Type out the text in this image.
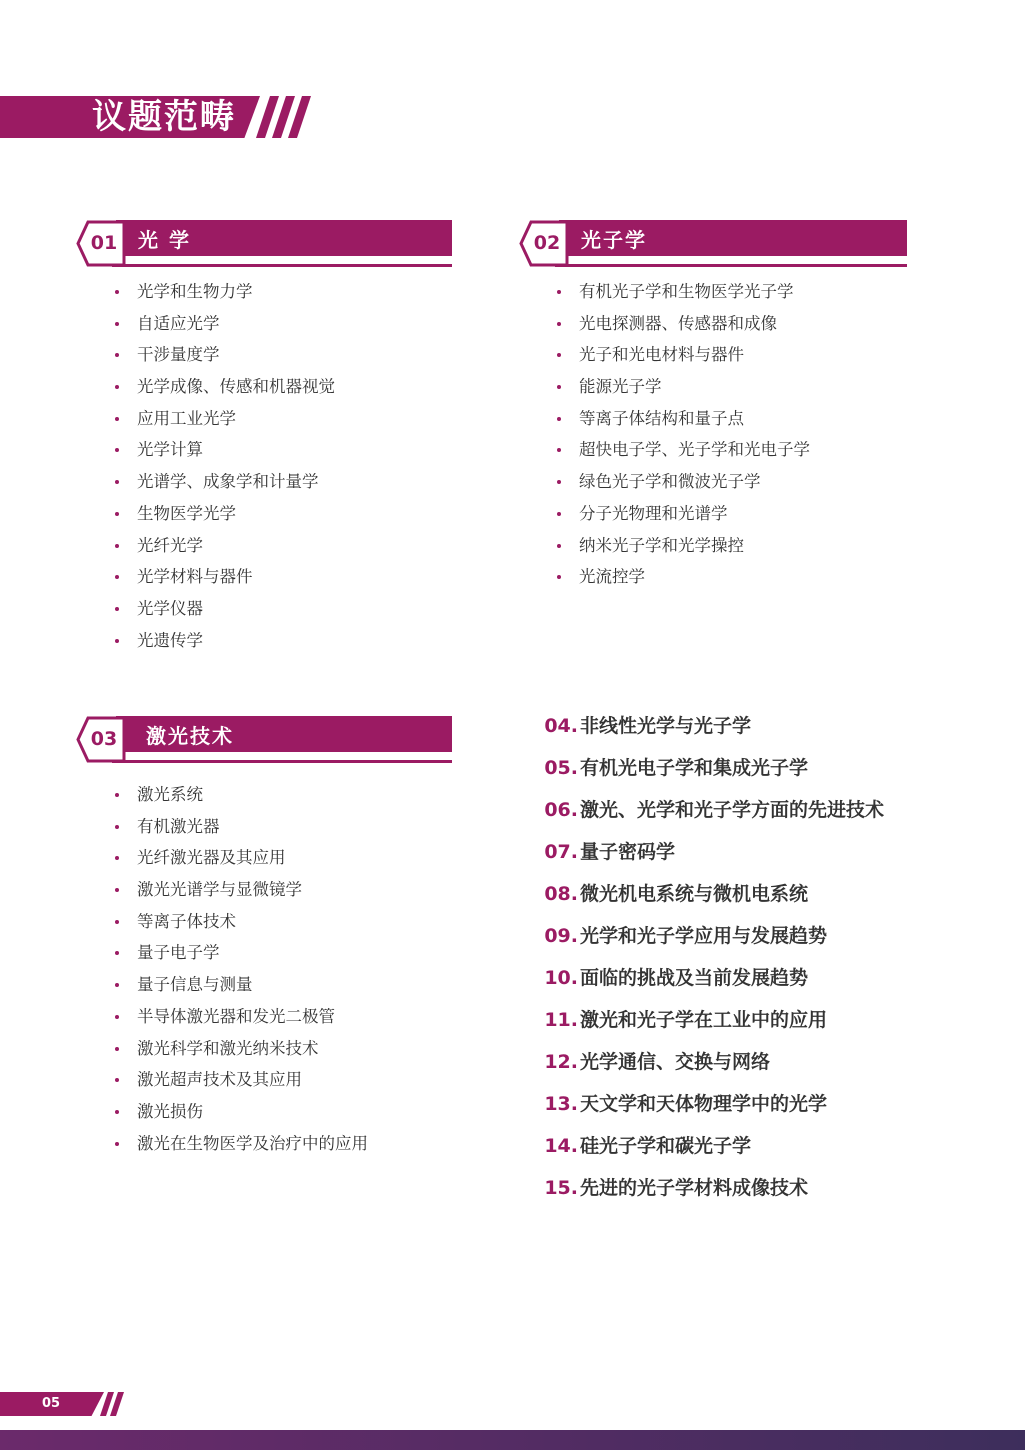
议题范畴
01	光 学
光学和生物力学
自适应光学
干涉量度学
光学成像、传感和机器视觉
应用工业光学
光学计算
光谱学、成象学和计量学
生物医学光学
光纤光学
光学材料与器件
光学仪器
光遗传学
02	光子学
有机光子学和生物医学光子学
光电探测器、传感器和成像
光子和光电材料与器件
能源光子学
等离子体结构和量子点
超快电子学、光子学和光电子学
绿色光子学和微波光子学
分子光物理和光谱学
纳米光子学和光学操控
光流控学
03	激光技术
激光系统
有机激光器
光纤激光器及其应用
激光光谱学与显微镜学
等离子体技术
量子电子学
量子信息与测量
半导体激光器和发光二极管
激光科学和激光纳米技术
激光超声技术及其应用
激光损伤
激光在生物医学及治疗中的应用
04. 非线性光学与光子学
05. 有机光电子学和集成光子学
06. 激光、光学和光子学方面的先进技术
07. 量子密码学
08. 微光机电系统与微机电系统
09. 光学和光子学应用与发展趋势
10. 面临的挑战及当前发展趋势
11. 激光和光子学在工业中的应用
12. 光学通信、交换与网络
13. 天文学和天体物理学中的光学
14. 硅光子学和碳光子学
15. 先进的光子学材料成像技术
05
